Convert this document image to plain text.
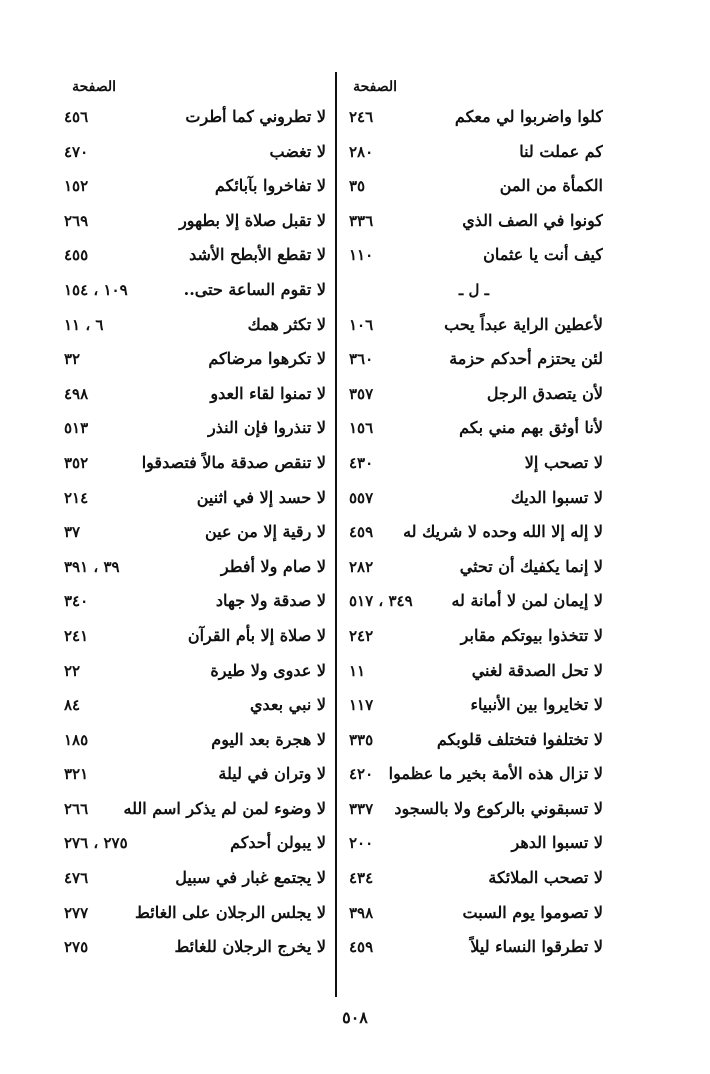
الصفحة
كلوا واضربوا لي معكم
٢٤٦
كم عملت لنا
٢٨٠
الكمأة من المن
٣٥
كونوا في الصف الذي
٣٣٦
كيف أنت يا عثمان
١١٠
ـ ل ـ
لأعطين الراية عبداً يحب
١٠٦
لئن يحتزم أحدكم حزمة
٣٦٠
لأن يتصدق الرجل
٣٥٧
لأنا أوثق بهم مني بكم
١٥٦
لا تصحب إلا
٤٣٠
لا تسبوا الديك
٥٥٧
لا إله إلا الله وحده لا شريك له
٤٥٩
لا إنما يكفيك أن تحثي
٢٨٢
لا إيمان لمن لا أمانة له
٣٤٩ ، ٥١٧
لا تتخذوا بيوتكم مقابر
٢٤٢
لا تحل الصدقة لغني
١١
لا تخايروا بين الأنبياء
١١٧
لا تختلفوا فتختلف قلوبكم
٣٣٥
لا تزال هذه الأمة بخير ما عظموا
٤٢٠
لا تسبقوني بالركوع ولا بالسجود
٣٣٧
لا تسبوا الدهر
٢٠٠
لا تصحب الملائكة
٤٣٤
لا تصوموا يوم السبت
٣٩٨
لا تطرقوا النساء ليلاً
٤٥٩
الصفحة
لا تطروني كما أطرت
٤٥٦
لا تغضب
٤٧٠
لا تفاخروا بآبائكم
١٥٢
لا تقبل صلاة إلا بطهور
٢٦٩
لا تقطع الأبطح الأشد
٤٥٥
لا تقوم الساعة حتى..
١٠٩ ، ١٥٤
لا تكثر همك
٦ ، ١١
لا تكرهوا مرضاكم
٣٢
لا تمنوا لقاء العدو
٤٩٨
لا تنذروا فإن النذر
٥١٣
لا تنقص صدقة مالاً فتصدقوا
٣٥٢
لا حسد إلا في اثنين
٢١٤
لا رقية إلا من عين
٣٧
لا صام ولا أفطر
٣٩ ، ٣٩١
لا صدقة ولا جهاد
٣٤٠
لا صلاة إلا بأم القرآن
٢٤١
لا عدوى ولا طيرة
٢٢
لا نبي بعدي
٨٤
لا هجرة بعد اليوم
١٨٥
لا وتران في ليلة
٣٢١
لا وضوء لمن لم يذكر اسم الله
٢٦٦
لا يبولن أحدكم
٢٧٥ ، ٢٧٦
لا يجتمع غبار في سبيل
٤٧٦
لا يجلس الرجلان على الغائط
٢٧٧
لا يخرج الرجلان للغائط
٢٧٥
٥٠٨
